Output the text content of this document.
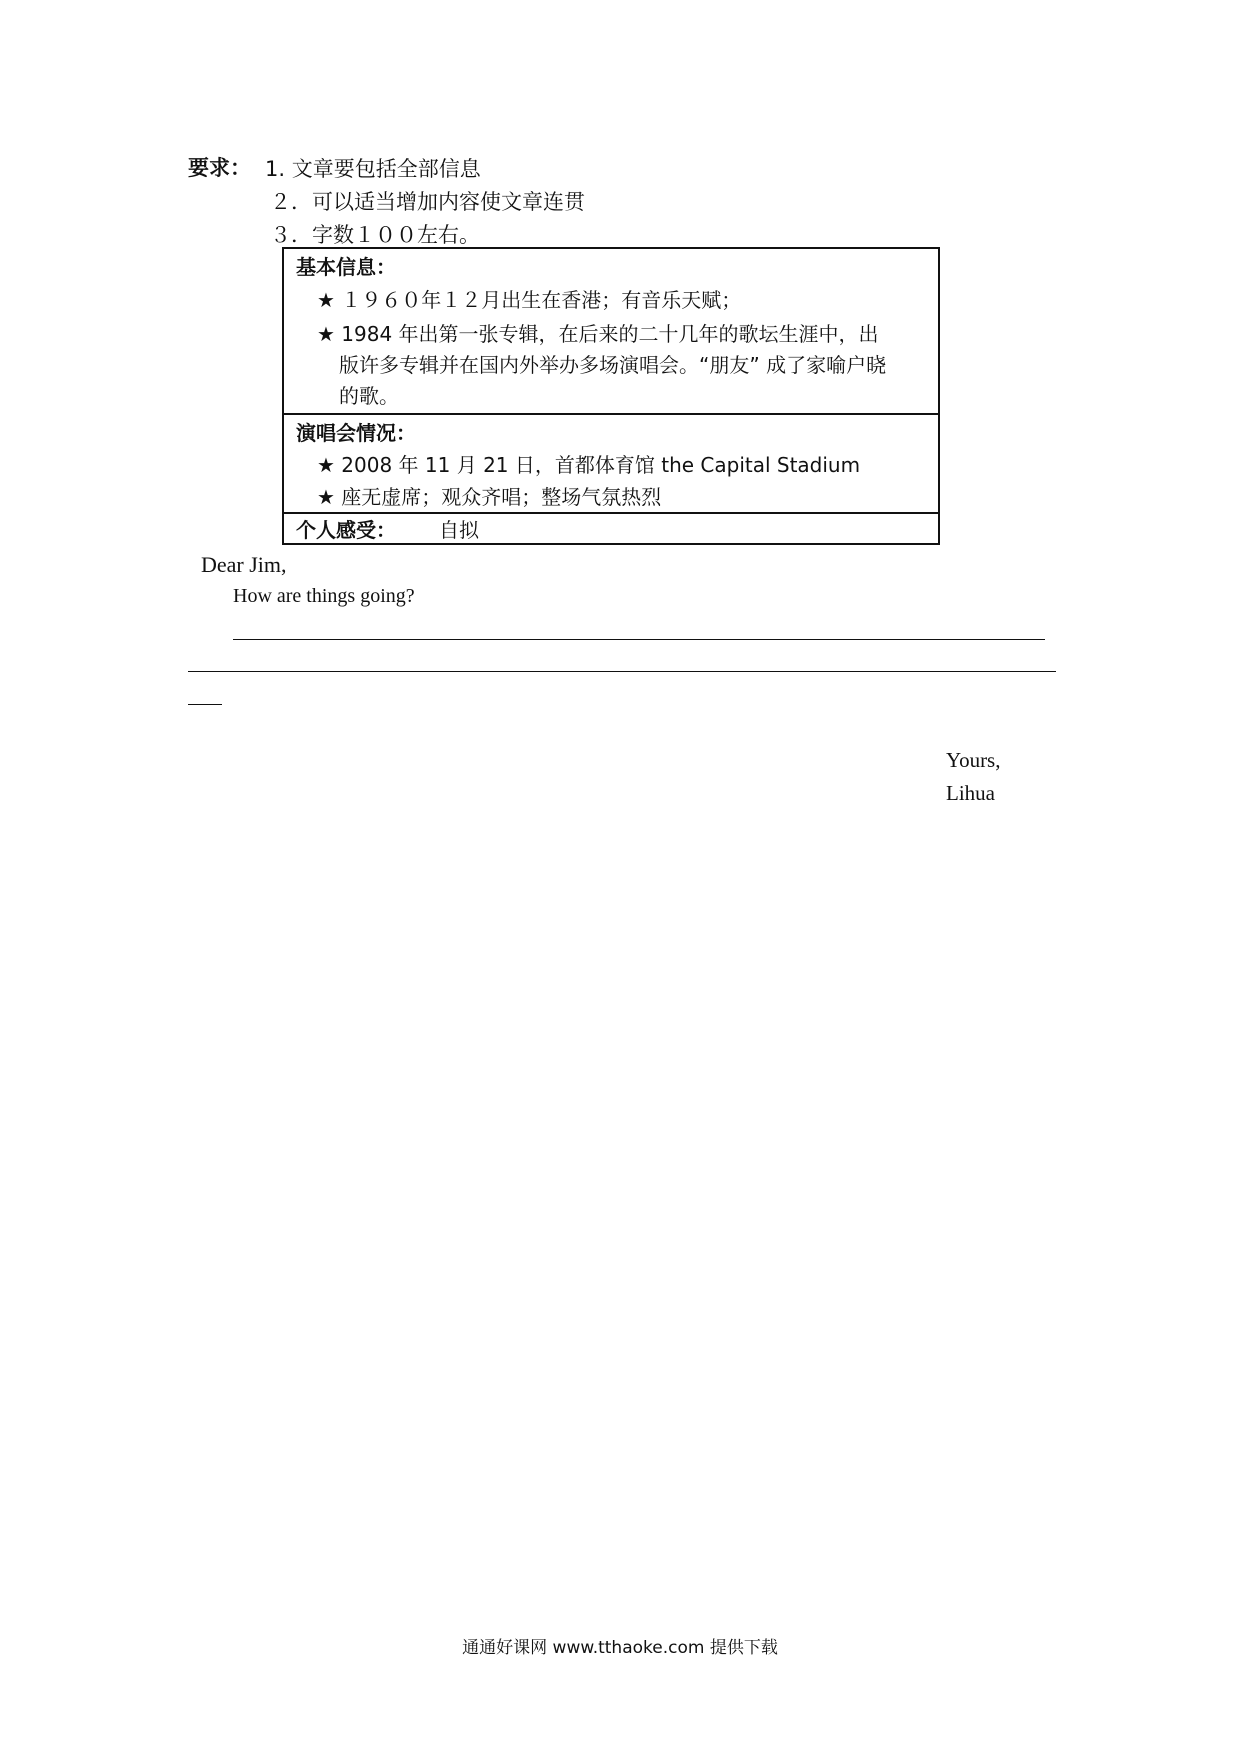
要求： 1. 文章要包括全部信息
２．可以适当增加内容使文章连贯
３．字数１００左右。
基本信息：
★ １９６０年１２月出生在香港；有音乐天赋；
★ 1984 年出第一张专辑，在后来的二十几年的歌坛生涯中，出
版许多专辑并在国内外举办多场演唱会。“朋友” 成了家喻户晓
的歌。
演唱会情况：
★ 2008 年 11 月 21 日，首都体育馆 the Capital Stadium
★ 座无虚席；观众齐唱；整场气氛热烈
个人感受： 自拟
Dear Jim,
How are things going?
Yours,
Lihua
通通好课网 www.tthaoke.com 提供下载
